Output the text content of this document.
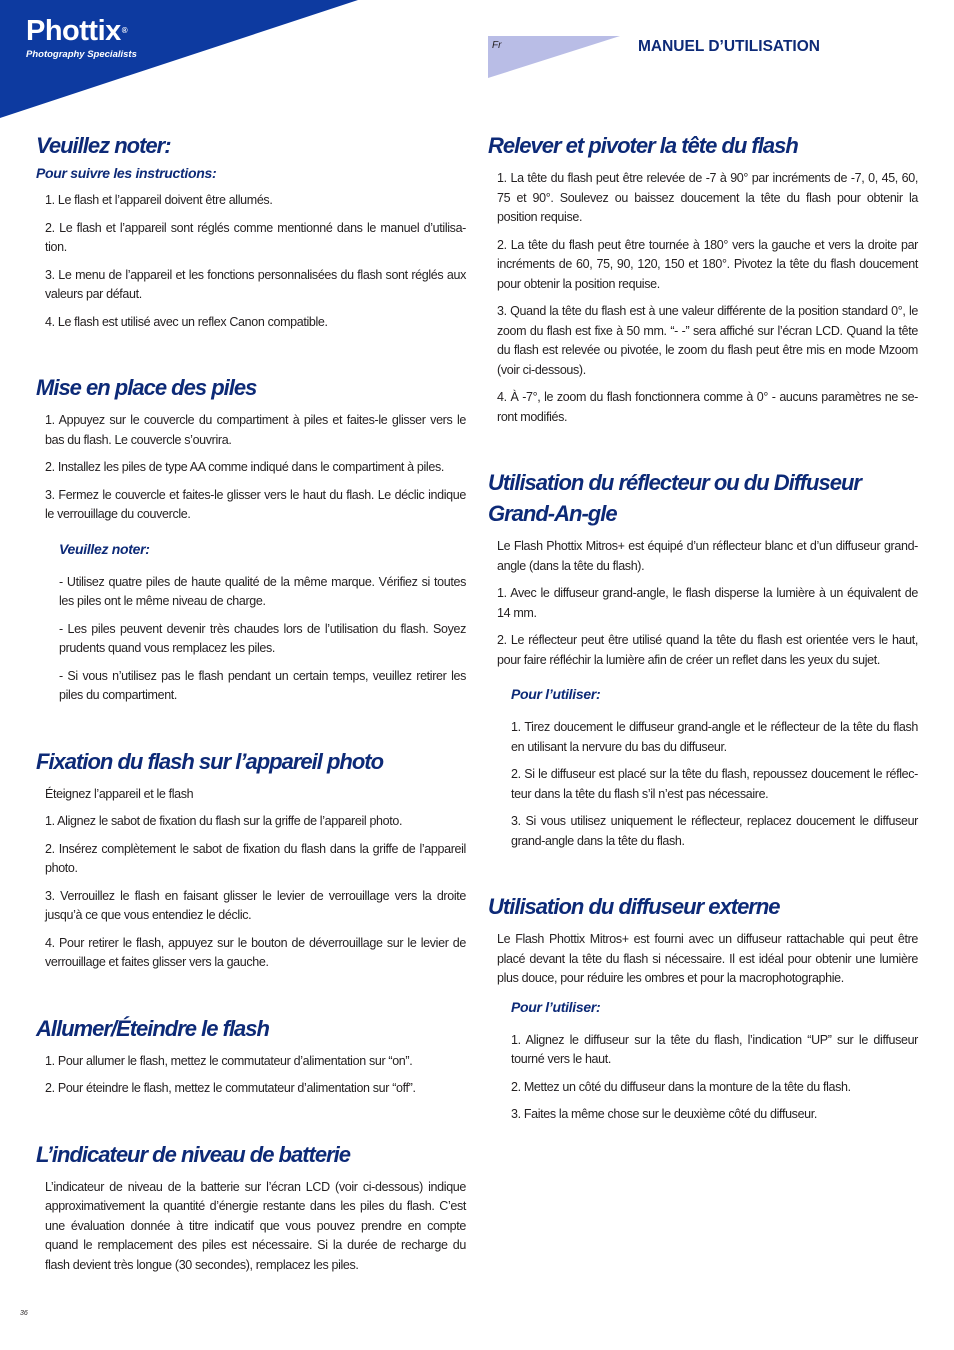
Phottix®
Photography Specialists
Fr	MANUEL D’UTILISATION
Veuillez noter:
Pour suivre les instructions:

1. Le flash et l’appareil doivent être allumés.

2. Le flash et l’appareil sont réglés comme mentionné dans le manuel d’utilisa-tion.

3. Le menu de l’appareil et les fonctions personnalisées du flash sont réglés aux valeurs par défaut.

4. Le flash est utilisé avec un reflex Canon compatible.

Mise en place des piles

1. Appuyez sur le couvercle du compartiment à piles et faites-le glisser vers le bas du flash. Le couvercle s’ouvrira.

2. Installez les piles de type AA comme indiqué dans le compartiment à piles.

3. Fermez le couvercle et faites-le glisser vers le haut du flash. Le déclic indique le verrouillage du couvercle.

Veuillez noter:

- Utilisez quatre piles de haute qualité de la même marque. Vérifiez si toutes les piles ont le même niveau de charge.

- Les piles peuvent devenir très chaudes lors de l’utilisation du flash. Soyez prudents quand vous remplacez les piles.

- Si vous n’utilisez pas le flash pendant un certain temps, veuillez retirer les piles du compartiment.

Fixation du flash sur l’appareil photo

Éteignez l’appareil et le flash

1. Alignez le sabot de fixation du flash sur la griffe de l’appareil photo.

2. Insérez complètement le sabot de fixation du flash dans la griffe de l’appareil photo.

3. Verrouillez le flash en faisant glisser le levier de verrouillage vers la droite jusqu’à ce que vous entendiez le déclic.

4. Pour retirer le flash, appuyez sur le bouton de déverrouillage sur le levier de verrouillage et faites glisser vers la gauche.

Allumer/Éteindre le flash

1. Pour allumer le flash, mettez le commutateur d’alimentation sur “on”.

2. Pour éteindre le flash, mettez le commutateur d’alimentation sur “off”.

L’indicateur de niveau de batterie

L’indicateur de niveau de la batterie sur l’écran LCD (voir ci-dessous) indique approximativement la quantité d’énergie restante dans les piles du flash. C’est une évaluation donnée à titre indicatif que vous pouvez prendre en compte quand le remplacement des piles est nécessaire. Si la durée de recharge du flash devient très longue (30 secondes), remplacez les piles.

Relever et pivoter la tête du flash

1. La tête du flash peut être relevée de -7 à 90° par incréments de -7, 0, 45, 60, 75 et 90°. Soulevez ou baissez doucement la tête du flash pour obtenir la position requise.

2. La tête du flash peut être tournée à 180° vers la gauche et vers la droite par incréments de 60, 75, 90, 120, 150 et 180°. Pivotez la tête du flash doucement pour obtenir la position requise.

3. Quand la tête du flash est à une valeur différente de la position standard 0°, le zoom du flash est fixe à 50 mm. “- -” sera affiché sur l’écran LCD. Quand la tête du flash est relevée ou pivotée, le zoom du flash peut être mis en mode Mzoom (voir ci-dessous).

4. À -7°, le zoom du flash fonctionnera comme à 0° - aucuns paramètres ne se-ront modifiés.

Utilisation du réflecteur ou du Diffuseur Grand-An-gle

Le Flash Phottix Mitros+ est équipé d’un réflecteur blanc et d’un diffuseur grand-angle (dans la tête du flash).

1. Avec le diffuseur grand-angle, le flash disperse la lumière à un équivalent de 14 mm.

2. Le réflecteur peut être utilisé quand la tête du flash est orientée vers le haut, pour faire réfléchir la lumière afin de créer un reflet dans les yeux du sujet.

Pour l’utiliser:

1. Tirez doucement le diffuseur grand-angle et le réflecteur de la tête du flash en utilisant la nervure du bas du diffuseur.

2. Si le diffuseur est placé sur la tête du flash, repoussez doucement le réflec-teur dans la tête du flash s’il n’est pas nécessaire.

3. Si vous utilisez uniquement le réflecteur, replacez doucement le diffuseur grand-angle dans la tête du flash.

Utilisation du diffuseur externe

Le Flash Phottix Mitros+ est fourni avec un diffuseur rattachable qui peut être placé devant la tête du flash si nécessaire. Il est idéal pour obtenir une lumière plus douce, pour réduire les ombres et pour la macrophotographie.

Pour l’utiliser:

1. Alignez le diffuseur sur la tête du flash, l’indication “UP” sur le diffuseur tourné vers le haut.

2. Mettez un côté du diffuseur dans la monture de la tête du flash.

3. Faites la même chose sur le deuxième côté du diffuseur.

36
